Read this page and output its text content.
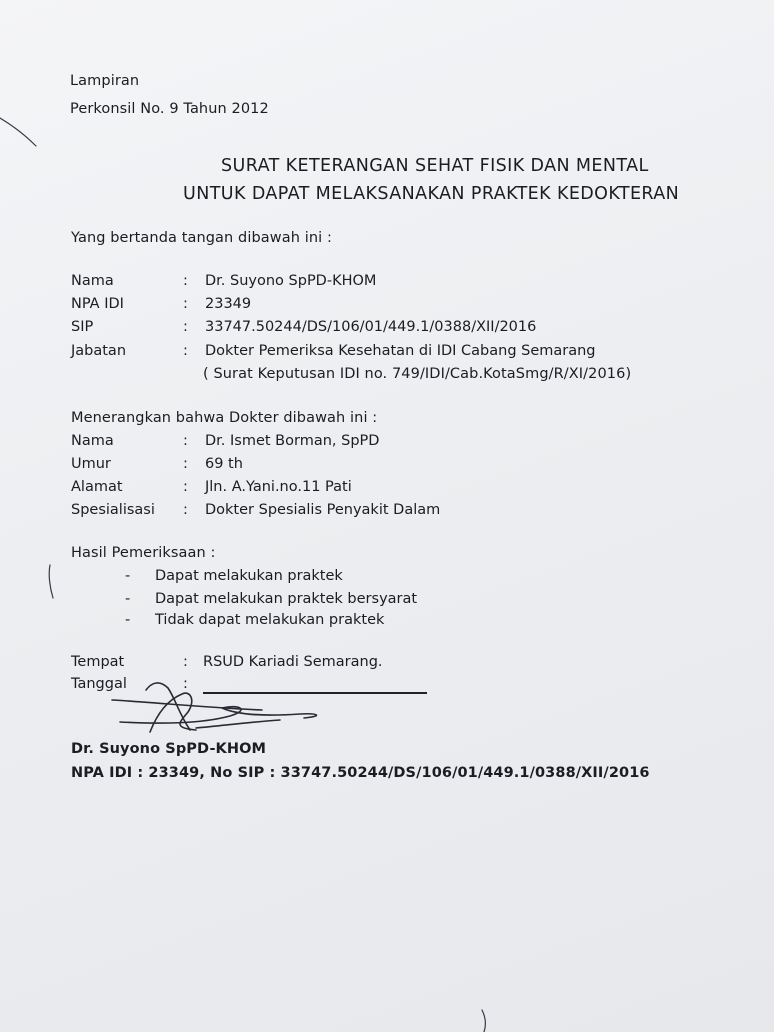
Lampiran
Perkonsil No. 9 Tahun 2012
SURAT KETERANGAN SEHAT FISIK DAN MENTAL
UNTUK DAPAT MELAKSANAKAN PRAKTEK KEDOKTERAN
Yang bertanda tangan dibawah ini :
Nama	: Dr. Suyono SpPD-KHOM
NPA IDI	: 23349
SIP	: 33747.50244/DS/106/01/449.1/0388/XII/2016
Jabatan	: Dokter Pemeriksa Kesehatan di IDI Cabang Semarang
( Surat Keputusan IDI no. 749/IDI/Cab.KotaSmg/R/XI/2016)
Menerangkan bahwa Dokter dibawah ini :
Nama	: Dr. Ismet Borman, SpPD
Umur	: 69 th
Alamat	: Jln. A.Yani.no.11 Pati
Spesialisasi : Dokter Spesialis Penyakit Dalam
Hasil Pemeriksaan :
- Dapat melakukan praktek
- Dapat melakukan praktek bersyarat
- Tidak dapat melakukan praktek
Tempat	: RSUD Kariadi Semarang.
Tanggal	:
Dr. Suyono SpPD-KHOM
NPA IDI : 23349, No SIP : 33747.50244/DS/106/01/449.1/0388/XII/2016
